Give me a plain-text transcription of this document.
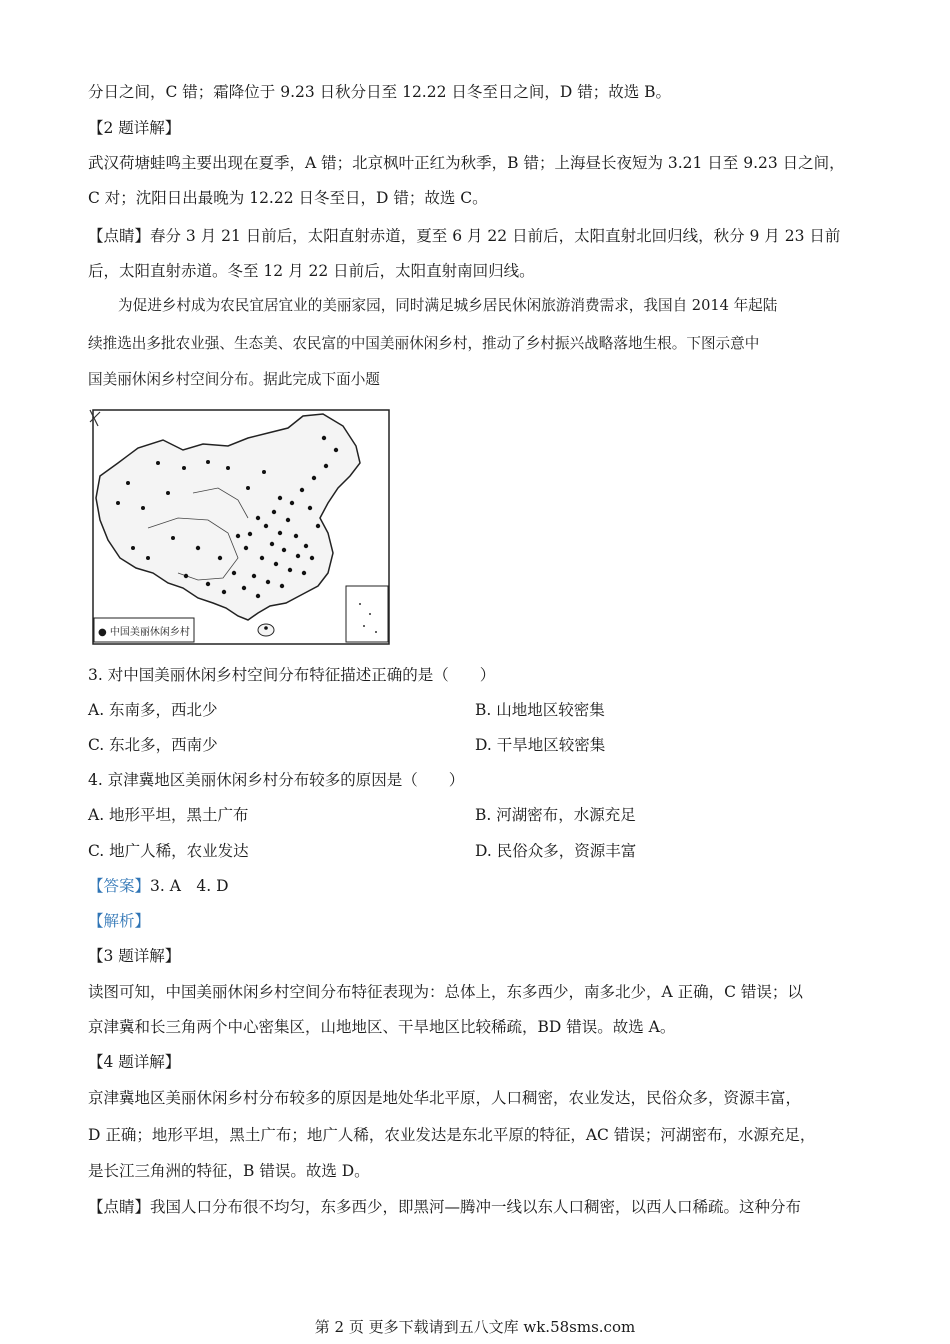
分日之间，C 错；霜降位于 9.23 日秋分日至 12.22 日冬至日之间，D 错；故选 B。
【2 题详解】
武汉荷塘蛙鸣主要出现在夏季，A 错；北京枫叶正红为秋季，B 错；上海昼长夜短为 3.21 日至 9.23 日之间，
C 对；沈阳日出最晚为 12.22 日冬至日，D 错；故选 C。
【点睛】春分 3 月 21 日前后，太阳直射赤道，夏至 6 月 22 日前后，太阳直射北回归线，秋分 9 月 23 日前
后，太阳直射赤道。冬至 12 月 22 日前后，太阳直射南回归线。
为促进乡村成为农民宜居宜业的美丽家园，同时满足城乡居民休闲旅游消费需求，我国自 2014 年起陆
续推选出多批农业强、生态美、农民富的中国美丽休闲乡村，推动了乡村振兴战略落地生根。下图示意中
国美丽休闲乡村空间分布。据此完成下面小题
● 中国美丽休闲乡村
3. 对中国美丽休闲乡村空间分布特征描述正确的是（　　）
A. 东南多，西北少	B. 山地地区较密集
C. 东北多，西南少	D. 干旱地区较密集
4. 京津冀地区美丽休闲乡村分布较多的原因是（　　）
A. 地形平坦，黑土广布	B. 河湖密布，水源充足
C. 地广人稀，农业发达	D. 民俗众多，资源丰富
【答案】3. A　4. D
【解析】
【3 题详解】
读图可知，中国美丽休闲乡村空间分布特征表现为：总体上，东多西少，南多北少，A 正确，C 错误；以
京津冀和长三角两个中心密集区，山地地区、干旱地区比较稀疏，BD 错误。故选 A。
【4 题详解】
京津冀地区美丽休闲乡村分布较多的原因是地处华北平原，人口稠密，农业发达，民俗众多，资源丰富，
D 正确；地形平坦，黑土广布；地广人稀，农业发达是东北平原的特征，AC 错误；河湖密布，水源充足，
是长江三角洲的特征，B 错误。故选 D。
【点睛】我国人口分布很不均匀，东多西少，即黑河—腾冲一线以东人口稠密，以西人口稀疏。这种分布
第 2 页 更多下载请到五八文库 wk.58sms.com
